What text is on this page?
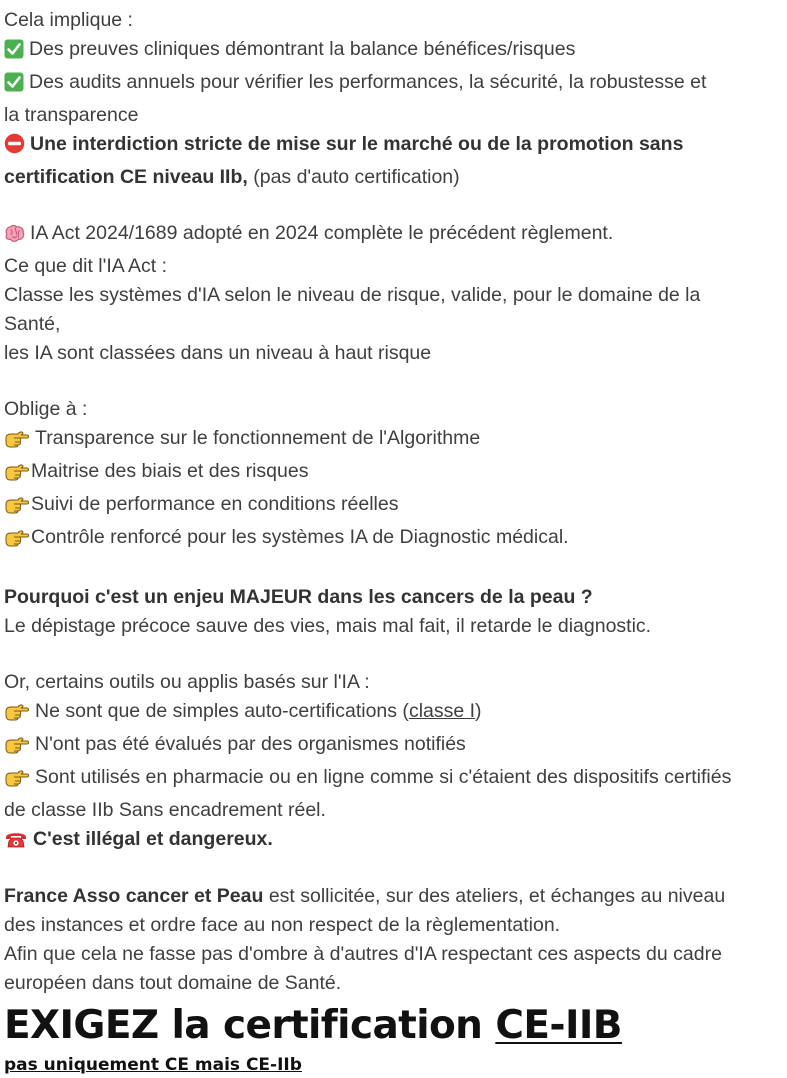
Cela implique :
Des preuves cliniques démontrant la balance bénéfices/risques
Des audits annuels pour vérifier les performances, la sécurité, la robustesse et
la transparence
Une interdiction stricte de mise sur le marché ou de la promotion sans
certification CE niveau IIb, (pas d'auto certification)
IA Act 2024/1689 adopté en 2024 complète le précédent règlement.
Ce que dit l'IA Act :
Classe les systèmes d'IA selon le niveau de risque, valide, pour le domaine de la
Santé,
les IA sont classées dans un niveau à haut risque
Oblige à :
Transparence sur le fonctionnement de l'Algorithme
Maitrise des biais et des risques
Suivi de performance en conditions réelles
Contrôle renforcé pour les systèmes IA de Diagnostic médical.
Pourquoi c'est un enjeu MAJEUR dans les cancers de la peau ?
Le dépistage précoce sauve des vies, mais mal fait, il retarde le diagnostic.
Or, certains outils ou applis basés sur l'IA :
Ne sont que de simples auto-certifications (classe I)
N'ont pas été évalués par des organismes notifiés
Sont utilisés en pharmacie ou en ligne comme si c'étaient des dispositifs certifiés
de classe IIb Sans encadrement réel.
C'est illégal et dangereux.
France Asso cancer et Peau est sollicitée, sur des ateliers, et échanges au niveau
des instances et ordre face au non respect de la règlementation.
Afin que cela ne fasse pas d'ombre à d'autres d'IA respectant ces aspects du cadre
européen dans tout domaine de Santé.
EXIGEZ la certification CE-IIB
pas uniquement CE mais CE-IIb
